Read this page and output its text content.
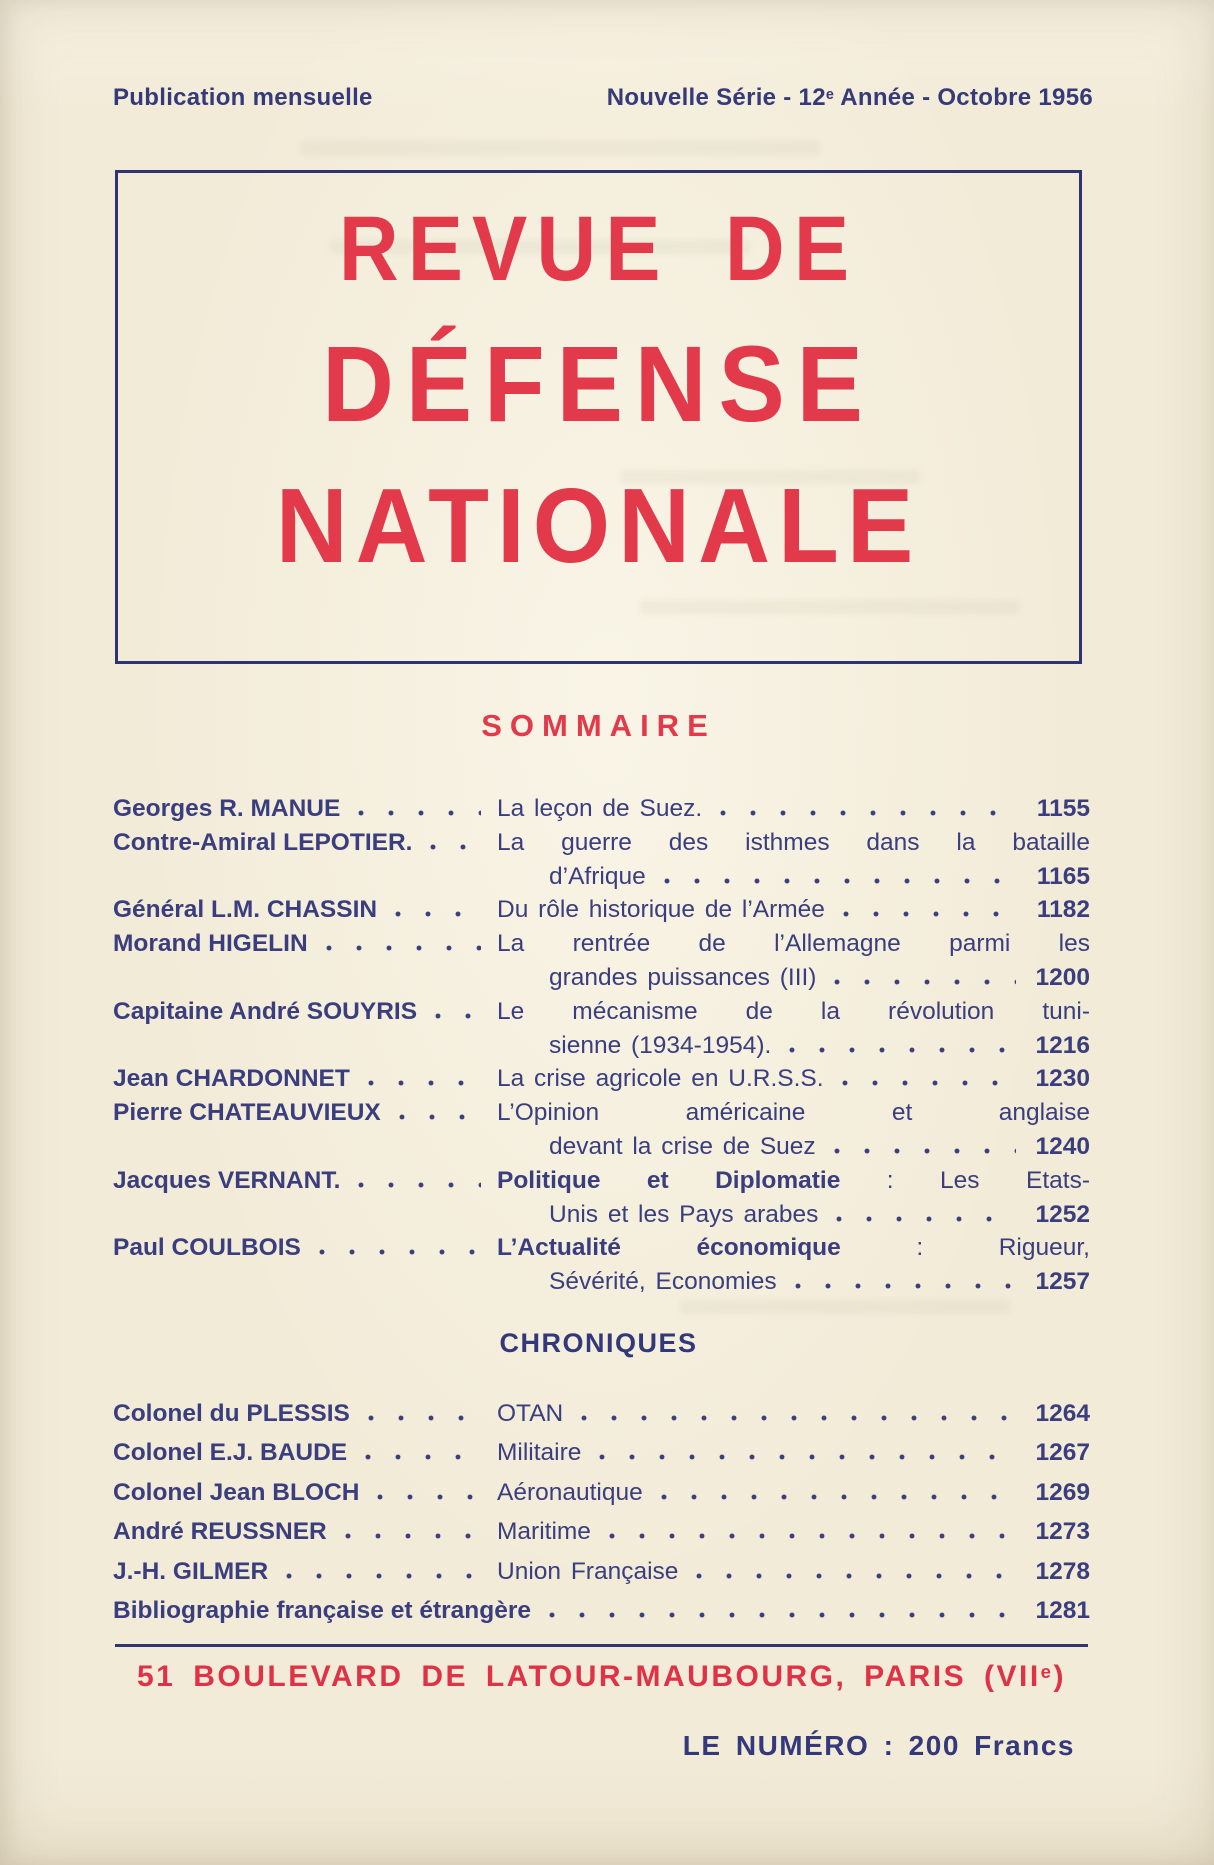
Publication mensuelle	Nouvelle Série - 12e Année - Octobre 1956
REVUE DE
DÉFENSE
NATIONALE
SOMMAIRE
Georges R. MANUE	La leçon de Suez.	1155
Contre-Amiral LEPOTIER.	La guerre des isthmes dans la bataille
d’Afrique	1165
Général L.M. CHASSIN	Du rôle historique de l’Armée	1182
Morand HIGELIN	La rentrée de l’Allemagne parmi les
grandes puissances (III)	1200
Capitaine André SOUYRIS	Le mécanisme de la révolution tuni-
sienne (1934-1954).	1216
Jean CHARDONNET	La crise agricole en U.R.S.S.	1230
Pierre CHATEAUVIEUX	L’Opinion américaine et anglaise
devant la crise de Suez	1240
Jacques VERNANT.	Politique et Diplomatie : Les Etats-
Unis et les Pays arabes	1252
Paul COULBOIS	L’Actualité économique : Rigueur,
Sévérité, Economies	1257
CHRONIQUES
Colonel du PLESSIS	OTAN	1264
Colonel E.J. BAUDE	Militaire	1267
Colonel Jean BLOCH	Aéronautique	1269
André REUSSNER	Maritime	1273
J.-H. GILMER	Union Française	1278
Bibliographie française et étrangère	1281
51 BOULEVARD DE LATOUR-MAUBOURG, PARIS (VIIe)
LE NUMÉRO : 200 Francs
